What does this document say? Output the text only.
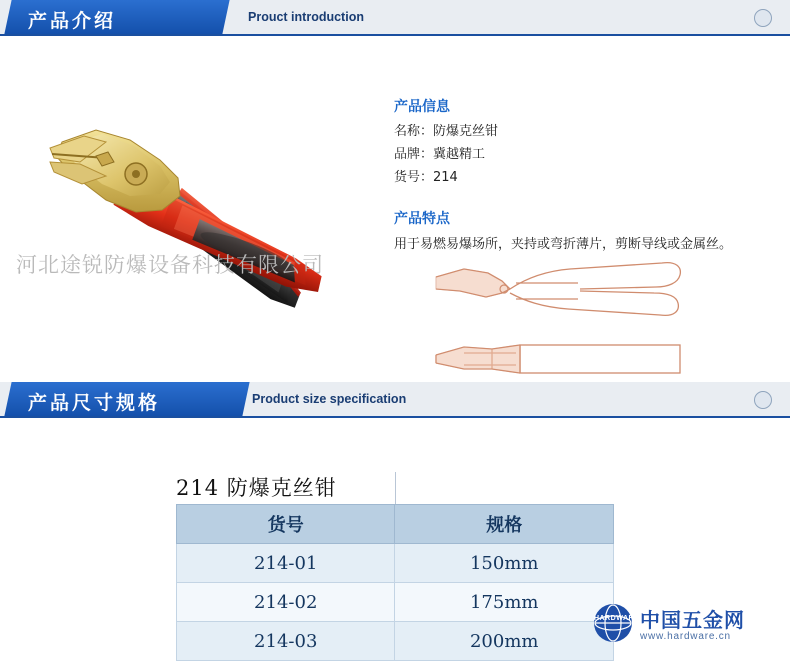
产品介绍	Prouct introduction
河北途锐防爆设备科技有限公司
产品信息

名称：防爆克丝钳

品牌：冀越精工

货号：214

产品特点
用于易燃易爆场所，夹持或弯折薄片，剪断导线或金属丝。
产品尺寸规格	Product size specification
214 防爆克丝钳
货号	规格
214-01	150mm
214-02	175mm
214-03	200mm
HARDWARE 中国五金网
www.hardware.cn
